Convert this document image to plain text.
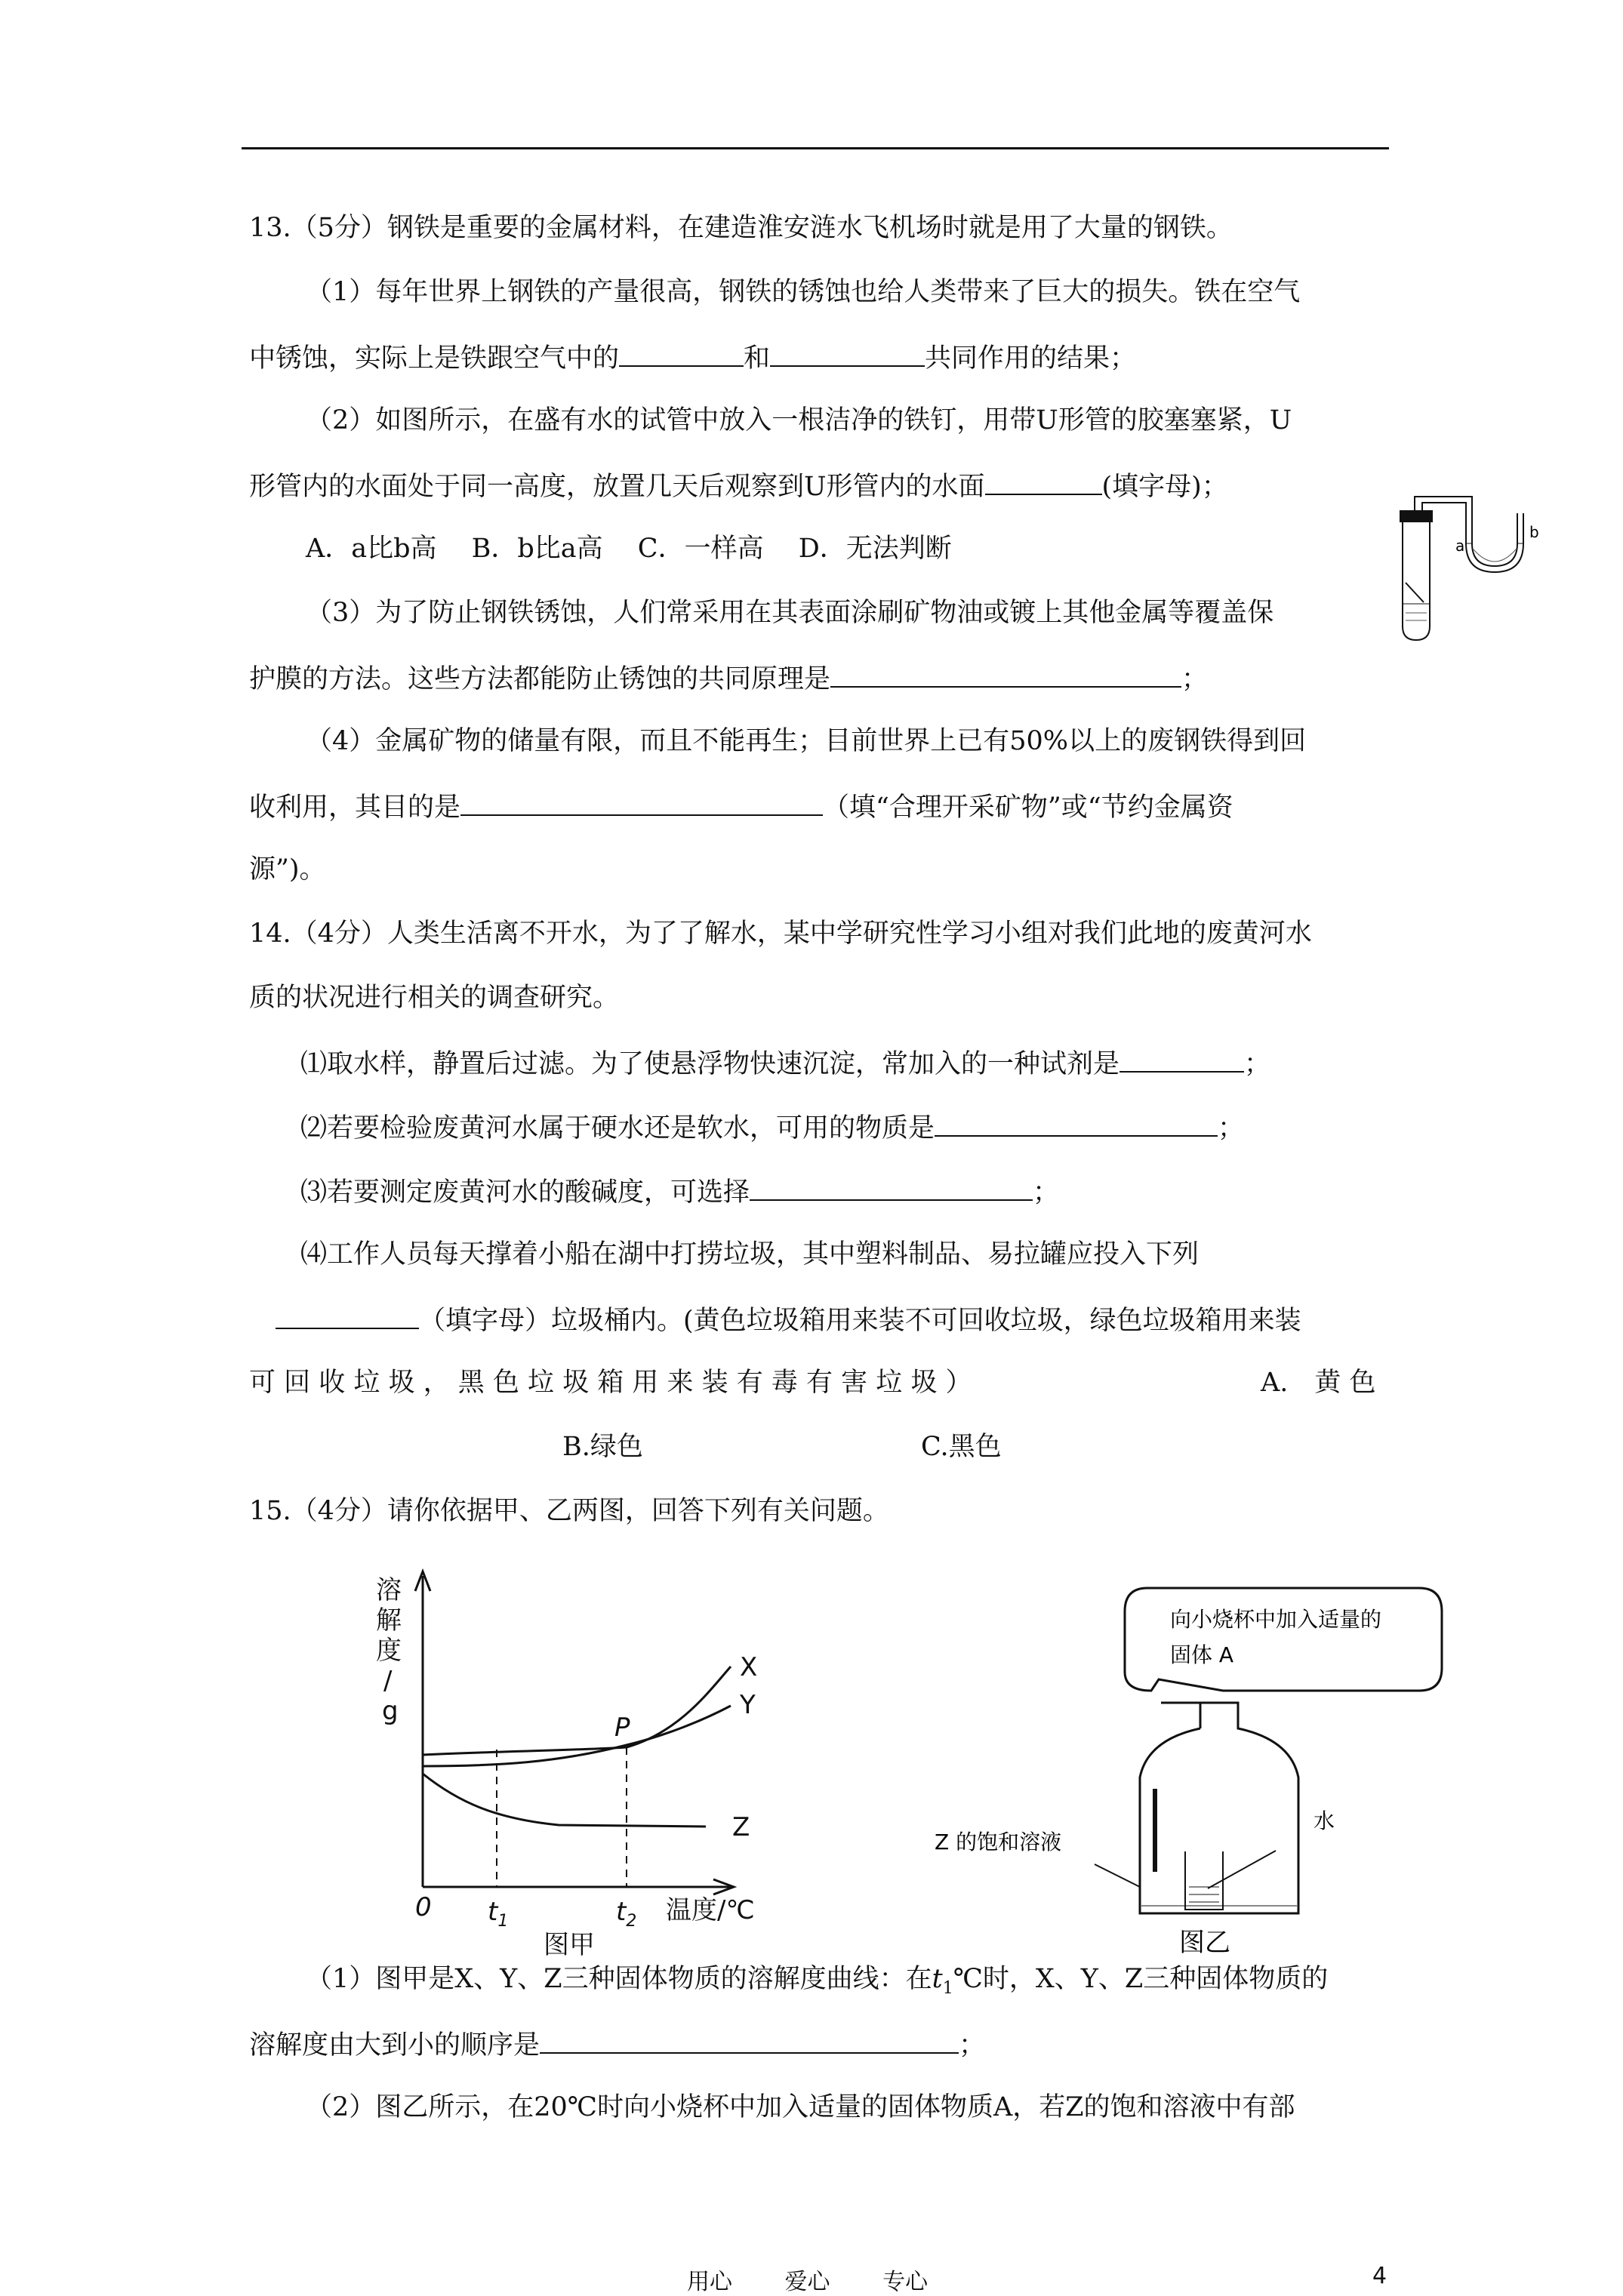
13.（5分）钢铁是重要的金属材料，在建造淮安涟水飞机场时就是用了大量的钢铁。
（1）每年世界上钢铁的产量很高，钢铁的锈蚀也给人类带来了巨大的损失。铁在空气
中锈蚀，实际上是铁跟空气中的	和	共同作用的结果；
（2）如图所示，在盛有水的试管中放入一根洁净的铁钉，用带U形管的胶塞塞紧，U
形管内的水面处于同一高度，放置几天后观察到U形管内的水面	(填字母)；
A．a比b高　 B．b比a高　 C．一样高　 D．无法判断
（3）为了防止钢铁锈蚀，人们常采用在其表面涂刷矿物油或镀上其他金属等覆盖保
护膜的方法。这些方法都能防止锈蚀的共同原理是	；
（4）金属矿物的储量有限，而且不能再生；目前世界上已有50%以上的废钢铁得到回
收利用，其目的是	（填“合理开采矿物”或“节约金属资
源”)。
a
b
14.（4分）人类生活离不开水，为了了解水，某中学研究性学习小组对我们此地的废黄河水
质的状况进行相关的调查研究。
⑴取水样，静置后过滤。为了使悬浮物快速沉淀，常加入的一种试剂是	；
⑵若要检验废黄河水属于硬水还是软水，可用的物质是	；
⑶若要测定废黄河水的酸碱度，可选择	；
⑷工作人员每天撑着小船在湖中打捞垃圾，其中塑料制品、易拉罐应投入下列
（填字母）垃圾桶内。(黄色垃圾箱用来装不可回收垃圾，绿色垃圾箱用来装
可 回 收 垃 圾 ， 黑 色 垃 圾 箱 用 来 装 有 毒 有 害 垃 圾 ）	A.　黄 色
B.绿色	C.黑色
15.（4分）请你依据甲、乙两图，回答下列有关问题。
溶
解
度
/
g
0 $t_1$	$t_2$ 温度/℃
X
Y
Z
P
图甲
向小烧杯中加入适量的
固体 A
Z 的饱和溶液
水
图乙
（1）图甲是X、Y、Z三种固体物质的溶解度曲线：在$t_1℃$时，X、Y、Z三种固体物质的
溶解度由大到小的顺序是	；
（2）图乙所示，在20℃时向小烧杯中加入适量的固体物质A，若Z的饱和溶液中有部
用心　　 爱心　　 专心	4
